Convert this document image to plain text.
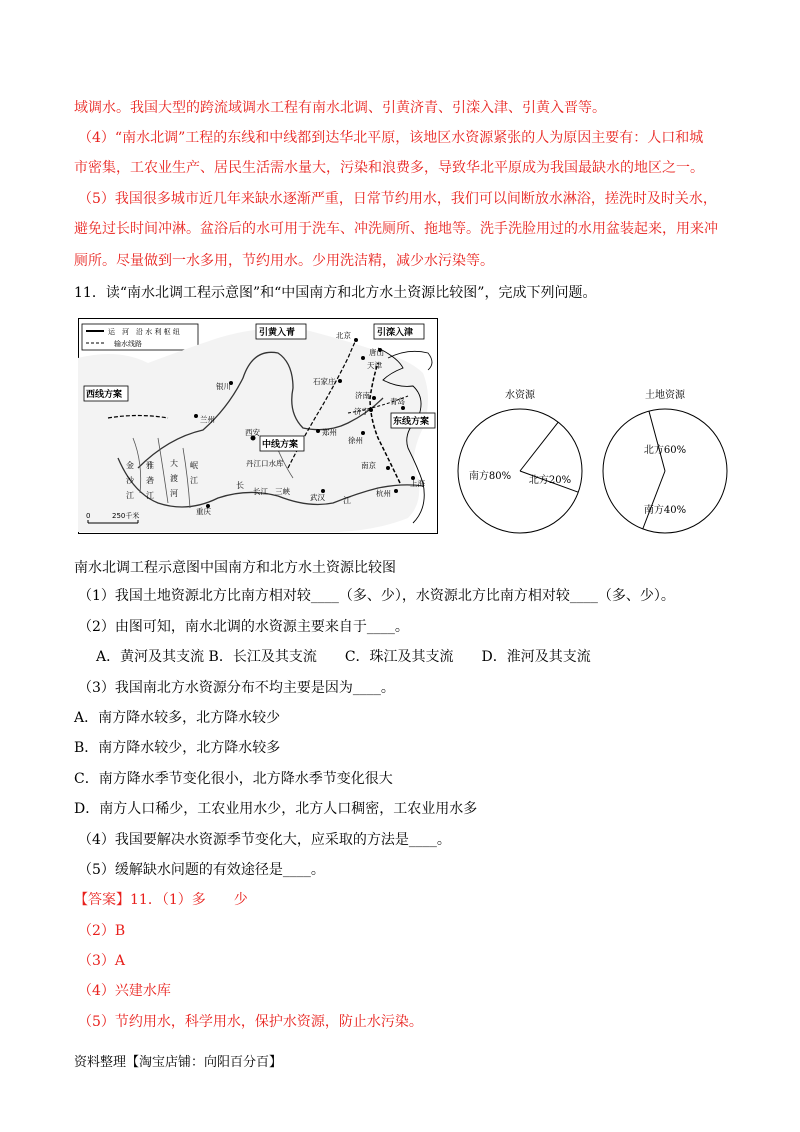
域调水。我国大型的跨流域调水工程有南水北调、引黄济青、引滦入津、引黄入晋等。
（4）“南水北调”工程的东线和中线都到达华北平原，该地区水资源紧张的人为原因主要有：人口和城
市密集，工农业生产、居民生活需水量大，污染和浪费多，导致华北平原成为我国最缺水的地区之一。
（5）我国很多城市近几年来缺水逐渐严重，日常节约用水，我们可以间断放水淋浴，搓洗时及时关水，
避免过长时间冲淋。盆浴后的水可用于洗车、冲洗厕所、拖地等。洗手洗脸用过的水用盆装起来，用来冲
厕所。尽量做到一水多用，节约用水。少用洗洁精，减少水污染等。
11．读“南水北调工程示意图”和“中国南方和北方水土资源比较图”，完成下列问题。
运　河　沿 水 利 枢 纽
输水线路
引黄入青	引滦入津
西线方案
中线方案
东线方案
北京
唐山
天津
石家庄
济南
济宁
青岛
银川
兰州
西安	郑州
徐州
南京
杭州
上海
武汉
重庆
丹江口水库
长江 三峡
金
沙
江
雅
砻
江
大
渡
河
岷
江
长
江
0	250千米
水资源
南方80% 北方20%
土地资源
北方60%
南方40%
南水北调工程示意图中国南方和北方水土资源比较图
（1）我国土地资源北方比南方相对较____（多、少），水资源北方比南方相对较____（多、少）。
（2）由图可知，南水北调的水资源主要来自于____。
A．黄河及其支流 B．长江及其支流　　C．珠江及其支流　　D．淮河及其支流
（3）我国南北方水资源分布不均主要是因为____。
A．南方降水较多，北方降水较少
B．南方降水较少，北方降水较多
C．南方降水季节变化很小，北方降水季节变化很大
D．南方人口稀少，工农业用水少，北方人口稠密，工农业用水多
（4）我国要解决水资源季节变化大，应采取的方法是____。
（5）缓解缺水问题的有效途径是____。
【答案】11．（1）多　　少
（2）B
（3）A
（4）兴建水库
（5）节约用水，科学用水，保护水资源，防止水污染。
资料整理【淘宝店铺：向阳百分百】
